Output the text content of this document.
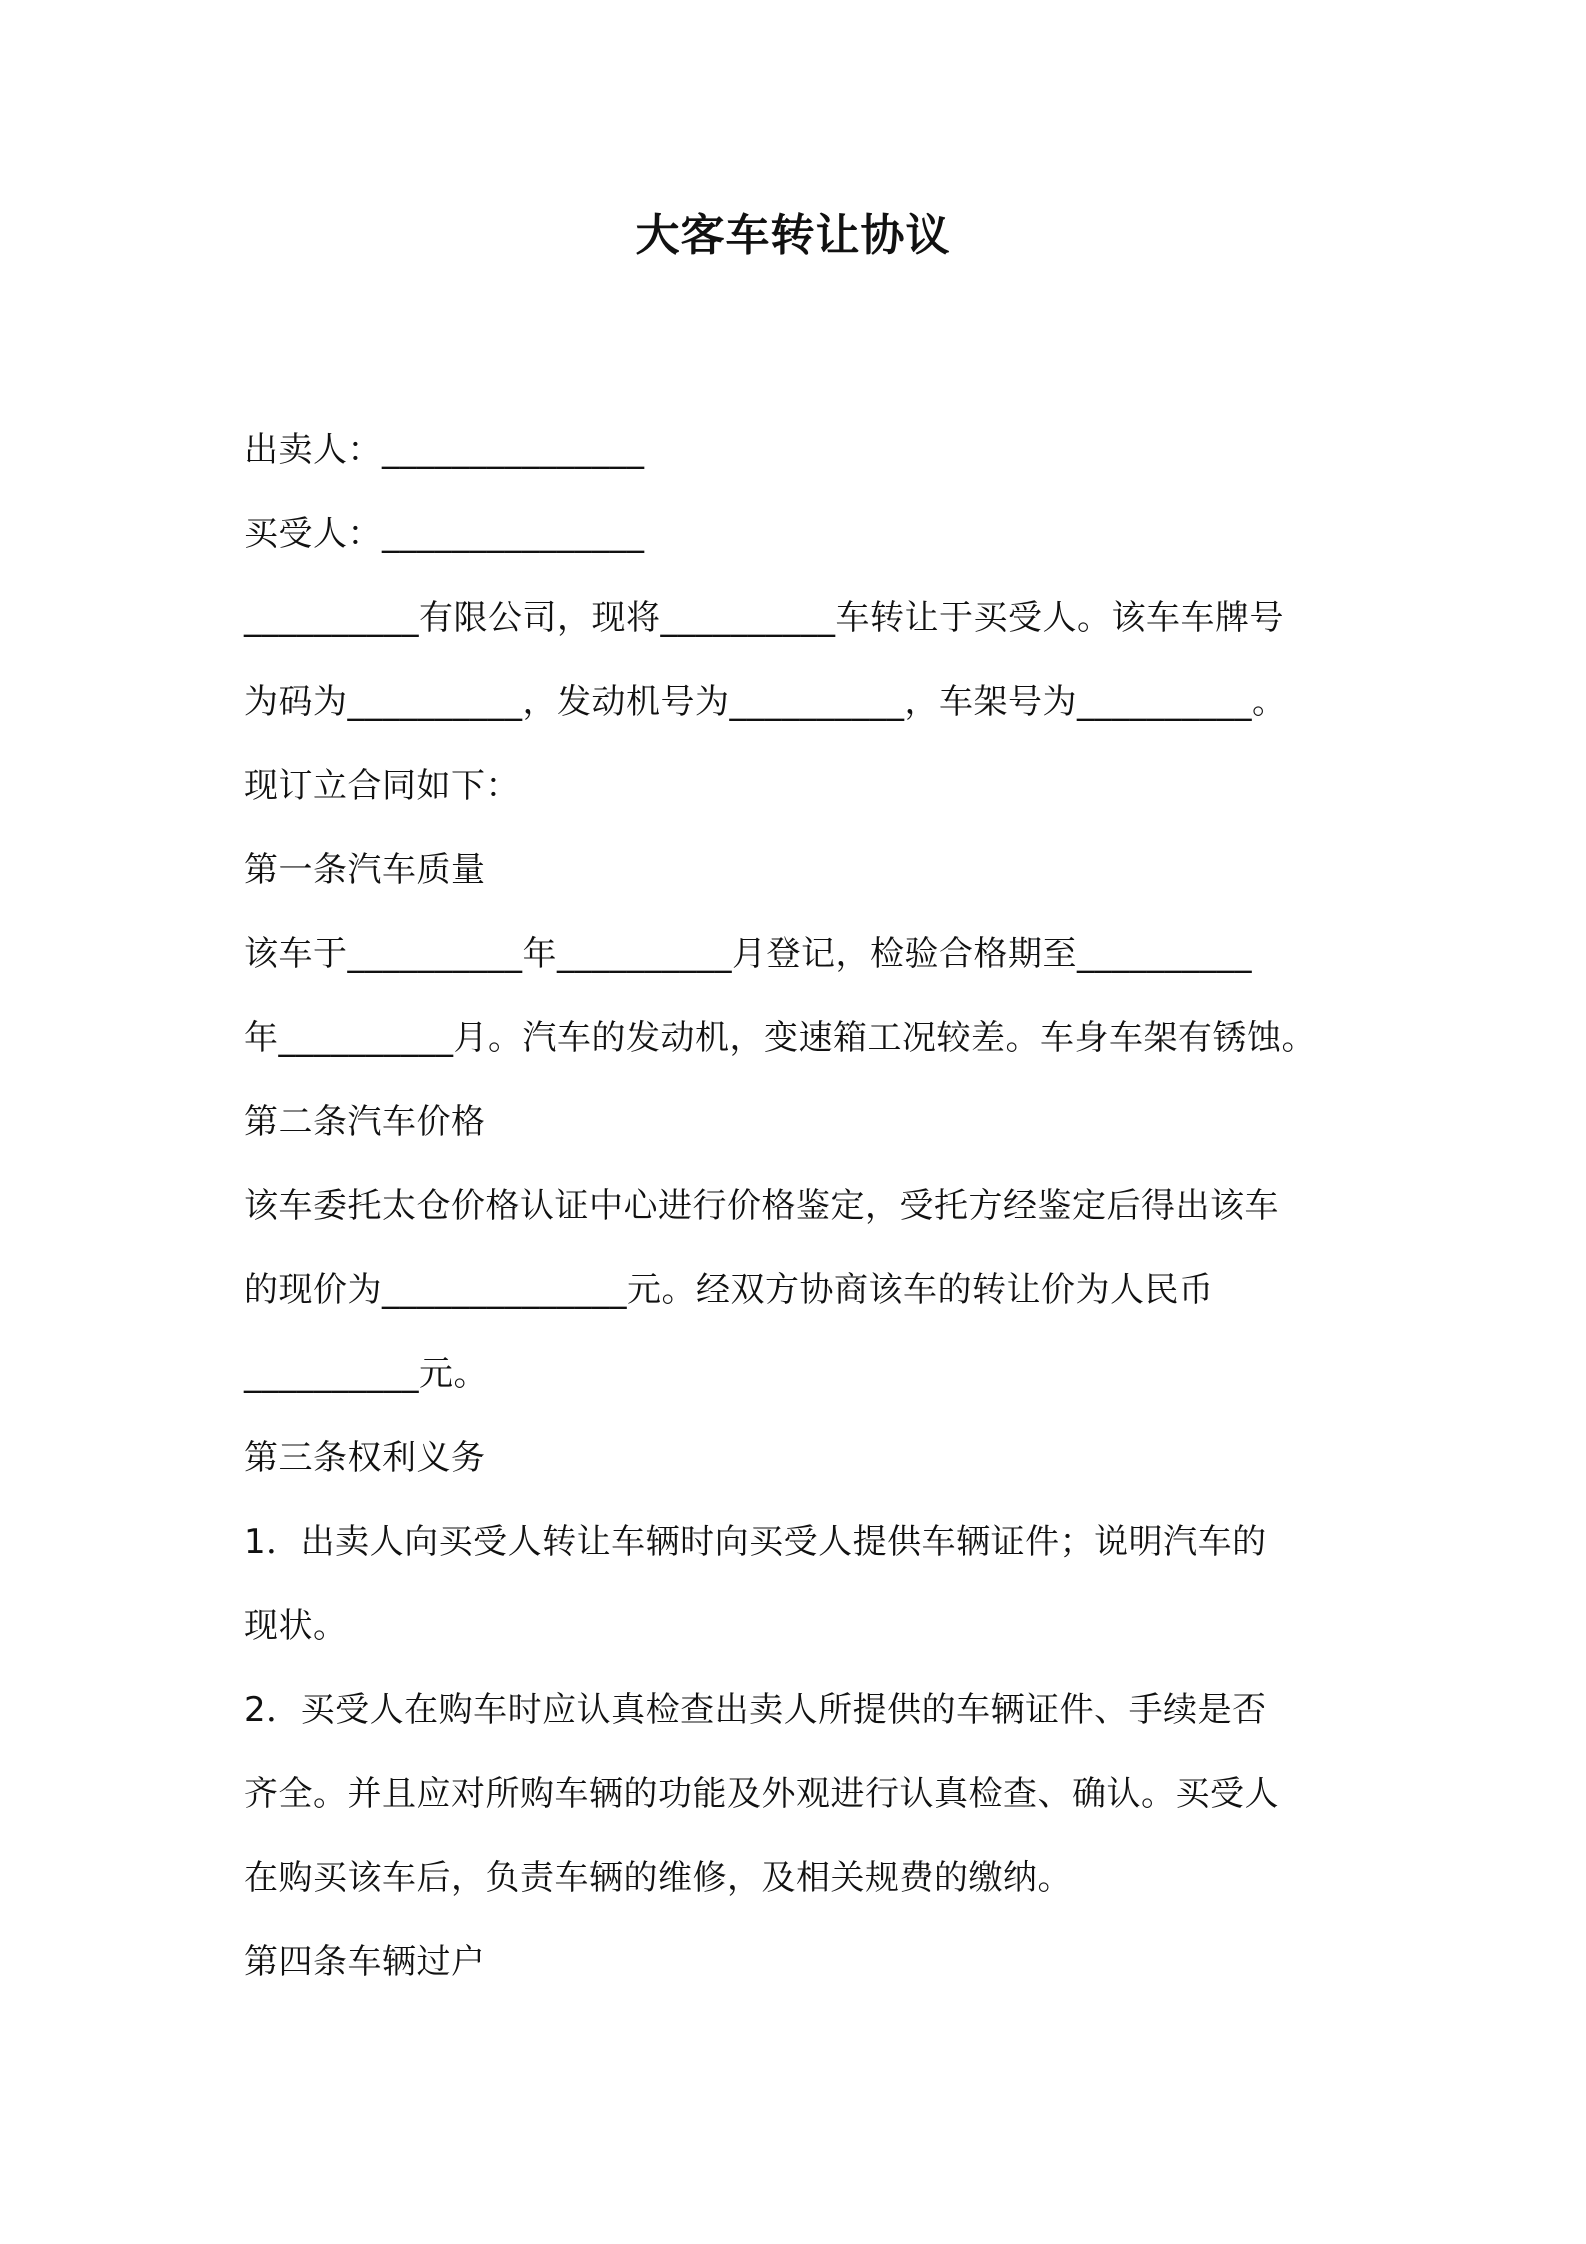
大客车转让协议
出卖人：_______________
买受人：_______________
__________有限公司，现将__________车转让于买受人。该车车牌号
为码为__________，发动机号为__________，车架号为__________。
现订立合同如下：
第一条汽车质量
该车于__________年__________月登记，检验合格期至__________
年__________月。汽车的发动机，变速箱工况较差。车身车架有锈蚀。
第二条汽车价格
该车委托太仓价格认证中心进行价格鉴定，受托方经鉴定后得出该车
的现价为______________元。经双方协商该车的转让价为人民币
__________元。
第三条权利义务
1．出卖人向买受人转让车辆时向买受人提供车辆证件；说明汽车的
现状。
2．买受人在购车时应认真检查出卖人所提供的车辆证件、手续是否
齐全。并且应对所购车辆的功能及外观进行认真检查、确认。买受人
在购买该车后，负责车辆的维修，及相关规费的缴纳。
第四条车辆过户
